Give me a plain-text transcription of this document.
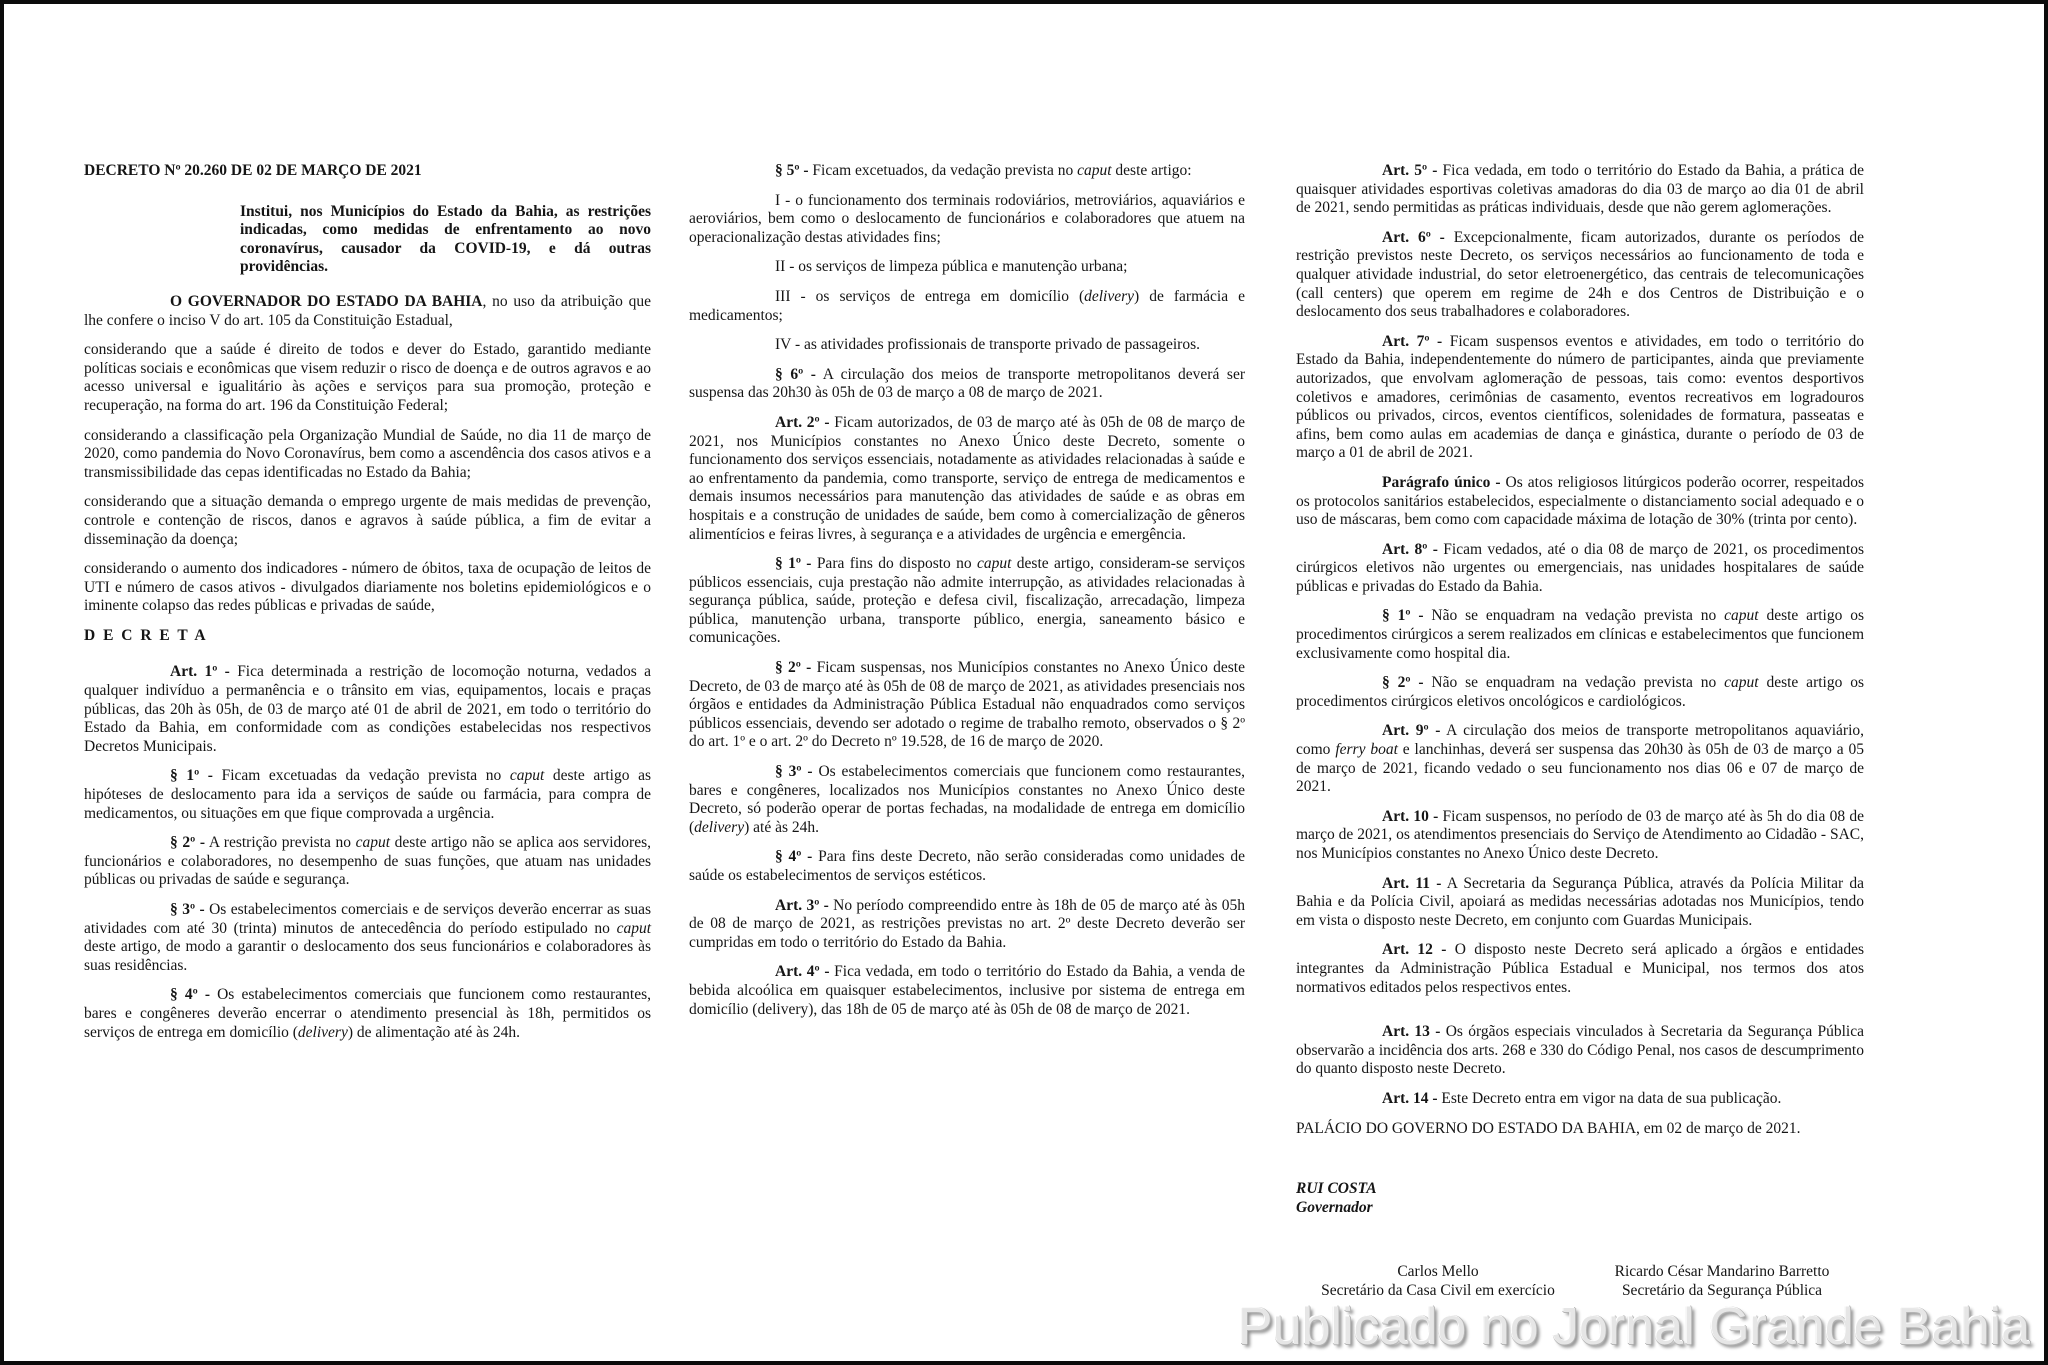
DECRETO Nº 20.260 DE 02 DE MARÇO DE 2021

Institui, nos Municípios do Estado da Bahia, as restrições indicadas, como medidas de enfrentamento ao novo coronavírus, causador da COVID-19, e dá outras providências.

O GOVERNADOR DO ESTADO DA BAHIA, no uso da atribuição que lhe confere o inciso V do art. 105 da Constituição Estadual,

considerando que a saúde é direito de todos e dever do Estado, garantido mediante políticas sociais e econômicas que visem reduzir o risco de doença e de outros agravos e ao acesso universal e igualitário às ações e serviços para sua promoção, proteção e recuperação, na forma do art. 196 da Constituição Federal;

considerando a classificação pela Organização Mundial de Saúde, no dia 11 de março de 2020, como pandemia do Novo Coronavírus, bem como a ascendência dos casos ativos e a transmissibilidade das cepas identificadas no Estado da Bahia;

considerando que a situação demanda o emprego urgente de mais medidas de prevenção, controle e contenção de riscos, danos e agravos à saúde pública, a fim de evitar a disseminação da doença;

considerando o aumento dos indicadores - número de óbitos, taxa de ocupação de leitos de UTI e número de casos ativos - divulgados diariamente nos boletins epidemiológicos e o iminente colapso das redes públicas e privadas de saúde,

D E C R E T A

Art. 1º - Fica determinada a restrição de locomoção noturna, vedados a qualquer indivíduo a permanência e o trânsito em vias, equipamentos, locais e praças públicas, das 20h às 05h, de 03 de março até 01 de abril de 2021, em todo o território do Estado da Bahia, em conformidade com as condições estabelecidas nos respectivos Decretos Municipais.

§ 1º - Ficam excetuadas da vedação prevista no caput deste artigo as hipóteses de deslocamento para ida a serviços de saúde ou farmácia, para compra de medicamentos, ou situações em que fique comprovada a urgência.

§ 2º - A restrição prevista no caput deste artigo não se aplica aos servidores, funcionários e colaboradores, no desempenho de suas funções, que atuam nas unidades públicas ou privadas de saúde e segurança.

§ 3º - Os estabelecimentos comerciais e de serviços deverão encerrar as suas atividades com até 30 (trinta) minutos de antecedência do período estipulado no caput deste artigo, de modo a garantir o deslocamento dos seus funcionários e colaboradores às suas residências.

§ 4º - Os estabelecimentos comerciais que funcionem como restaurantes, bares e congêneres deverão encerrar o atendimento presencial às 18h, permitidos os serviços de entrega em domicílio (delivery) de alimentação até às 24h.

§ 5º - Ficam excetuados, da vedação prevista no caput deste artigo:

I - o funcionamento dos terminais rodoviários, metroviários, aquaviários e aeroviários, bem como o deslocamento de funcionários e colaboradores que atuem na operacionalização destas atividades fins;

II - os serviços de limpeza pública e manutenção urbana;

III - os serviços de entrega em domicílio (delivery) de farmácia e medicamentos;

IV - as atividades profissionais de transporte privado de passageiros.

§ 6º - A circulação dos meios de transporte metropolitanos deverá ser suspensa das 20h30 às 05h de 03 de março a 08 de março de 2021.

Art. 2º - Ficam autorizados, de 03 de março até às 05h de 08 de março de 2021, nos Municípios constantes no Anexo Único deste Decreto, somente o funcionamento dos serviços essenciais, notadamente as atividades relacionadas à saúde e ao enfrentamento da pandemia, como transporte, serviço de entrega de medicamentos e demais insumos necessários para manutenção das atividades de saúde e as obras em hospitais e a construção de unidades de saúde, bem como à comercialização de gêneros alimentícios e feiras livres, à segurança e a atividades de urgência e emergência.

§ 1º - Para fins do disposto no caput deste artigo, consideram-se serviços públicos essenciais, cuja prestação não admite interrupção, as atividades relacionadas à segurança pública, saúde, proteção e defesa civil, fiscalização, arrecadação, limpeza pública, manutenção urbana, transporte público, energia, saneamento básico e comunicações.

§ 2º - Ficam suspensas, nos Municípios constantes no Anexo Único deste Decreto, de 03 de março até às 05h de 08 de março de 2021, as atividades presenciais nos órgãos e entidades da Administração Pública Estadual não enquadrados como serviços públicos essenciais, devendo ser adotado o regime de trabalho remoto, observados o § 2º do art. 1º e o art. 2º do Decreto nº 19.528, de 16 de março de 2020.

§ 3º - Os estabelecimentos comerciais que funcionem como restaurantes, bares e congêneres, localizados nos Municípios constantes no Anexo Único deste Decreto, só poderão operar de portas fechadas, na modalidade de entrega em domicílio (delivery) até às 24h.

§ 4º - Para fins deste Decreto, não serão consideradas como unidades de saúde os estabelecimentos de serviços estéticos.

Art. 3º - No período compreendido entre às 18h de 05 de março até às 05h de 08 de março de 2021, as restrições previstas no art. 2º deste Decreto deverão ser cumpridas em todo o território do Estado da Bahia.

Art. 4º - Fica vedada, em todo o território do Estado da Bahia, a venda de bebida alcoólica em quaisquer estabelecimentos, inclusive por sistema de entrega em domicílio (delivery), das 18h de 05 de março até às 05h de 08 de março de 2021.

Art. 5º - Fica vedada, em todo o território do Estado da Bahia, a prática de quaisquer atividades esportivas coletivas amadoras do dia 03 de março ao dia 01 de abril de 2021, sendo permitidas as práticas individuais, desde que não gerem aglomerações.

Art. 6º - Excepcionalmente, ficam autorizados, durante os períodos de restrição previstos neste Decreto, os serviços necessários ao funcionamento de toda e qualquer atividade industrial, do setor eletroenergético, das centrais de telecomunicações (call centers) que operem em regime de 24h e dos Centros de Distribuição e o deslocamento dos seus trabalhadores e colaboradores.

Art. 7º - Ficam suspensos eventos e atividades, em todo o território do Estado da Bahia, independentemente do número de participantes, ainda que previamente autorizados, que envolvam aglomeração de pessoas, tais como: eventos desportivos coletivos e amadores, cerimônias de casamento, eventos recreativos em logradouros públicos ou privados, circos, eventos científicos, solenidades de formatura, passeatas e afins, bem como aulas em academias de dança e ginástica, durante o período de 03 de março a 01 de abril de 2021.

Parágrafo único - Os atos religiosos litúrgicos poderão ocorrer, respeitados os protocolos sanitários estabelecidos, especialmente o distanciamento social adequado e o uso de máscaras, bem como com capacidade máxima de lotação de 30% (trinta por cento).

Art. 8º - Ficam vedados, até o dia 08 de março de 2021, os procedimentos cirúrgicos eletivos não urgentes ou emergenciais, nas unidades hospitalares de saúde públicas e privadas do Estado da Bahia.

§ 1º - Não se enquadram na vedação prevista no caput deste artigo os procedimentos cirúrgicos a serem realizados em clínicas e estabelecimentos que funcionem exclusivamente como hospital dia.

§ 2º - Não se enquadram na vedação prevista no caput deste artigo os procedimentos cirúrgicos eletivos oncológicos e cardiológicos.

Art. 9º - A circulação dos meios de transporte metropolitanos aquaviário, como ferry boat e lanchinhas, deverá ser suspensa das 20h30 às 05h de 03 de março a 05 de março de 2021, ficando vedado o seu funcionamento nos dias 06 e 07 de março de 2021.

Art. 10 - Ficam suspensos, no período de 03 de março até às 5h do dia 08 de março de 2021, os atendimentos presenciais do Serviço de Atendimento ao Cidadão - SAC, nos Municípios constantes no Anexo Único deste Decreto.

Art. 11 - A Secretaria da Segurança Pública, através da Polícia Militar da Bahia e da Polícia Civil, apoiará as medidas necessárias adotadas nos Municípios, tendo em vista o disposto neste Decreto, em conjunto com Guardas Municipais.

Art. 12 - O disposto neste Decreto será aplicado a órgãos e entidades integrantes da Administração Pública Estadual e Municipal, nos termos dos atos normativos editados pelos respectivos entes.

Art. 13 - Os órgãos especiais vinculados à Secretaria da Segurança Pública observarão a incidência dos arts. 268 e 330 do Código Penal, nos casos de descumprimento do quanto disposto neste Decreto.

Art. 14 - Este Decreto entra em vigor na data de sua publicação.

PALÁCIO DO GOVERNO DO ESTADO DA BAHIA, em 02 de março de 2021.

RUI COSTA

Governador

Carlos Mello

Secretário da Casa Civil em exercício

Ricardo César Mandarino Barretto

Secretário da Segurança Pública

Publicado no Jornal Grande Bahia
